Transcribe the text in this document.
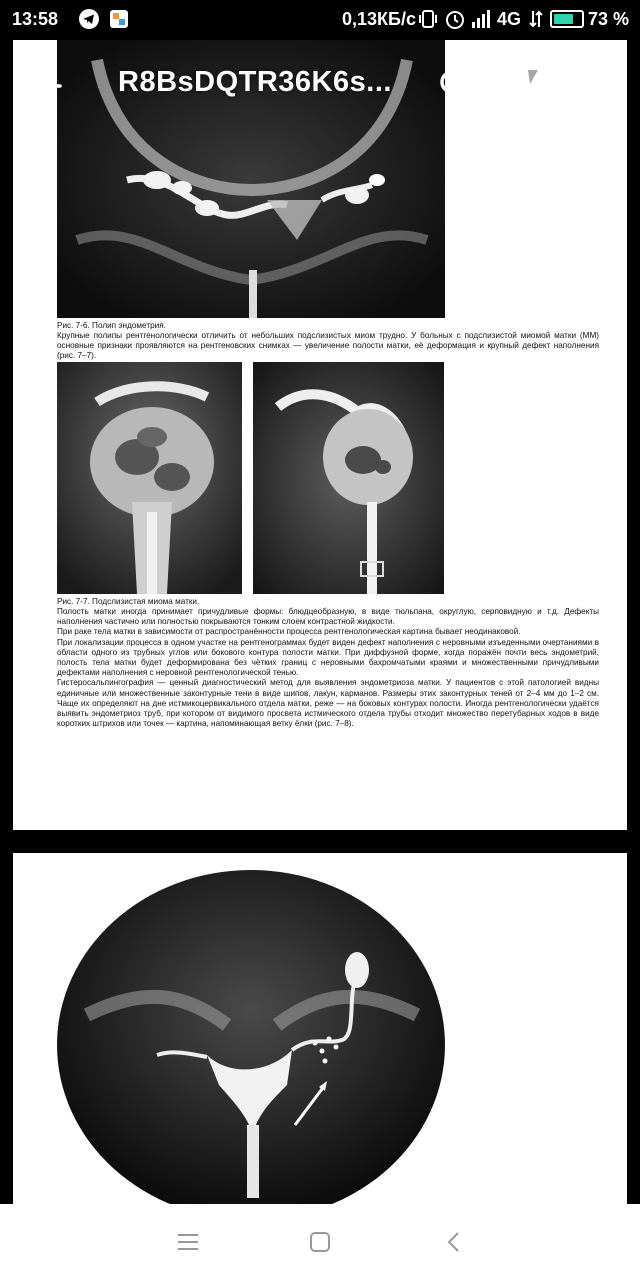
13:58	0,13КБ/с	4G	73 %
Рис. 7-6. Полип эндометрия.

Крупные полипы рентгенологически отличить от небольших подслизистых миом трудно. У больных с подслизистой миомой матки (ММ) основные признаки проявляются на рентгеновских снимках — увеличение полости матки, её деформация и крупный дефект наполнения (рис. 7–7).

Рис. 7-7. Подслизистая миома матки.

Полость матки иногда принимает причудливые формы: блюдцеобразную, в виде тюльпана, округлую, серповидную и т.д. Дефекты наполнения частично или полностью покрываются тонким слоем контрастной жидкости.

При раке тела матки в зависимости от распространённости процесса рентгенологическая картина бывает неодинаковой.

При локализации процесса в одном участке на рентгенограммах будет виден дефект наполнения с неровными изъеденными очертаниями в области одного из трубных углов или бокового контура полости матки. При диффузной форме, когда поражён почти весь эндометрий, полость тела матки будет деформирована без чётких границ с неровными бахромчатыми краями и множественными причудливыми дефектами наполнения с неровной рентгенологической тенью.

Гистеросальпингография — ценный диагностический метод для выявления эндометриоза матки. У пациентов с этой патологией видны единичные или множественные законтурные тени в виде шипов, лакун, карманов. Размеры этих законтурных теней от 2–4 мм до 1–2 см. Чаще их определяют на дне истмикоцервикального отдела матки, реже — на боковых контурах полости. Иногда рентгенологически удаётся выявить эндометриоз труб, при котором от видимого просвета истмического отдела трубы отходит множество перетубарных ходов в виде коротких штрихов или точек — картина, напоминающая ветку ёлки (рис. 7–8).

R8BsDQTR36K6s...
